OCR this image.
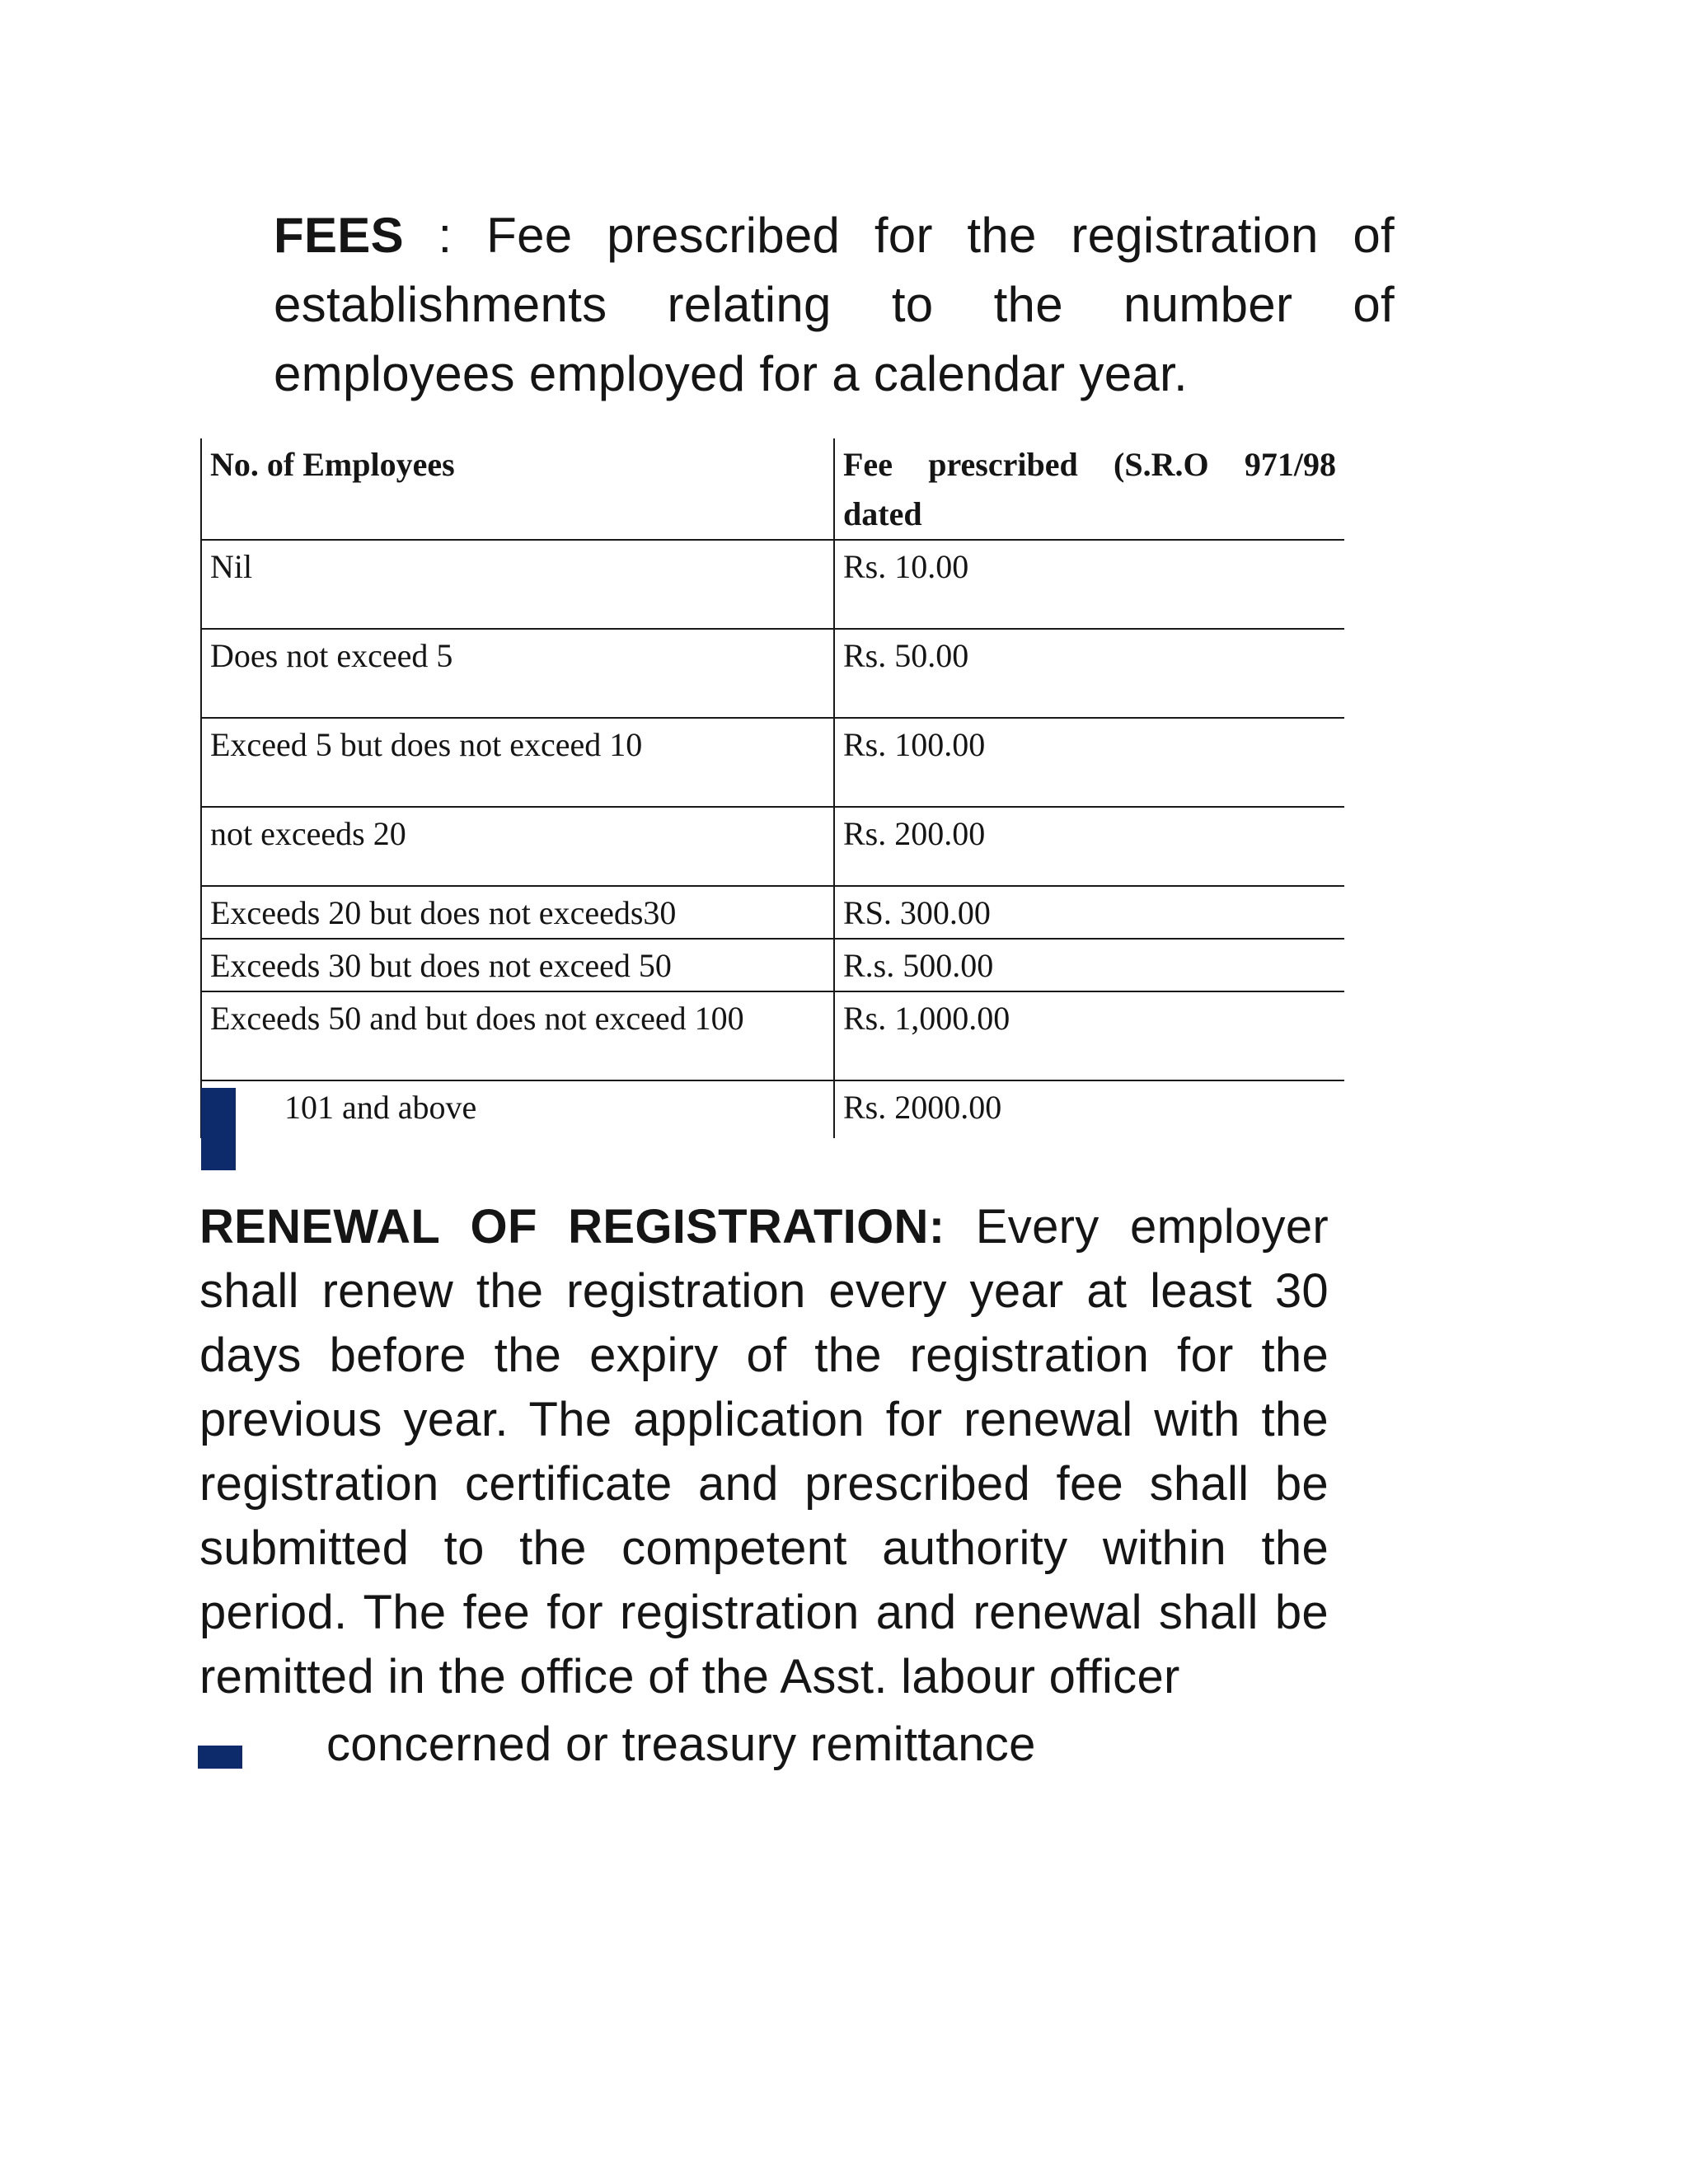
FEES : Fee prescribed for the registration of establishments relating to the number of employees employed for a calendar year.
No. of Employees	Fee prescribed (S.R.O 971/98 dated
Nil	Rs. 10.00
Does not exceed 5	Rs. 50.00
Exceed 5 but does not exceed 10	Rs. 100.00
not exceeds 20	Rs. 200.00
Exceeds 20 but does not exceeds30	RS. 300.00
Exceeds 30 but does not exceed 50	R.s. 500.00
Exceeds 50 and but does not exceed 100	Rs. 1,000.00
101 and above	Rs. 2000.00
RENEWAL OF REGISTRATION: Every employer shall renew the registration every year at least 30 days before the expiry of the registration for the previous year. The application for renewal with the registration certificate and prescribed fee shall be submitted to the competent authority within the period. The fee for registration and renewal shall be remitted in the office of the Asst. labour officer
concerned or treasury remittance
